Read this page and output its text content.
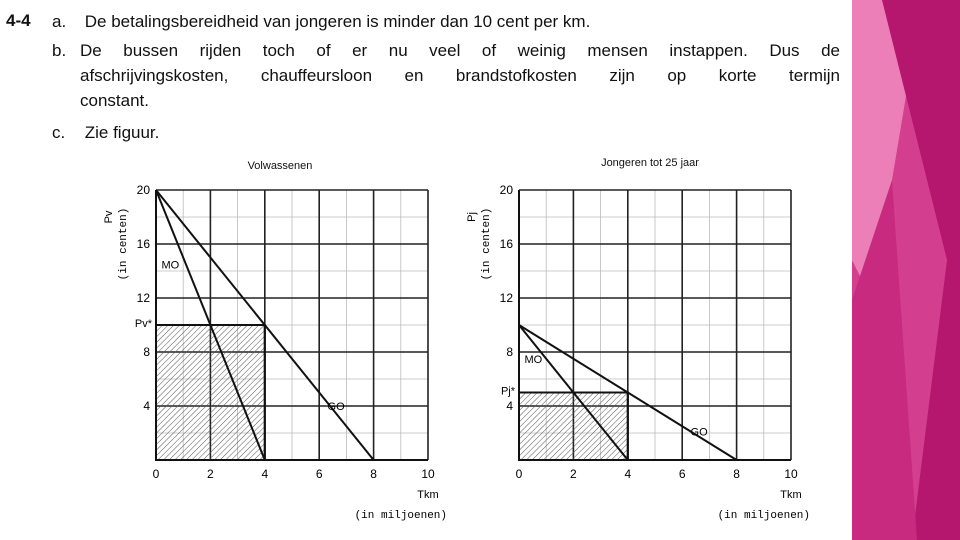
4-4 a. De betalingsbereidheid van jongeren is minder dan 10 cent per km.
b. De bussen rijden toch of er nu veel of weinig mensen instappen. Dus de
afschrijvingskosten, chauffeursloon en brandstofkosten zijn op korte termijn
constant.
c. Zie figuur.
Volwassenen	Jongeren tot 25 jaar
0	2	4	6	8	10
4
8
12
16
20
Pv*
Pv (in centen)
Tkm
(in miljoenen)
GO
MO
0	2	4	6	8	10
4
8
12
16
20
Pj*
Pj (in centen)
Tkm
(in miljoenen)
GO
MO
